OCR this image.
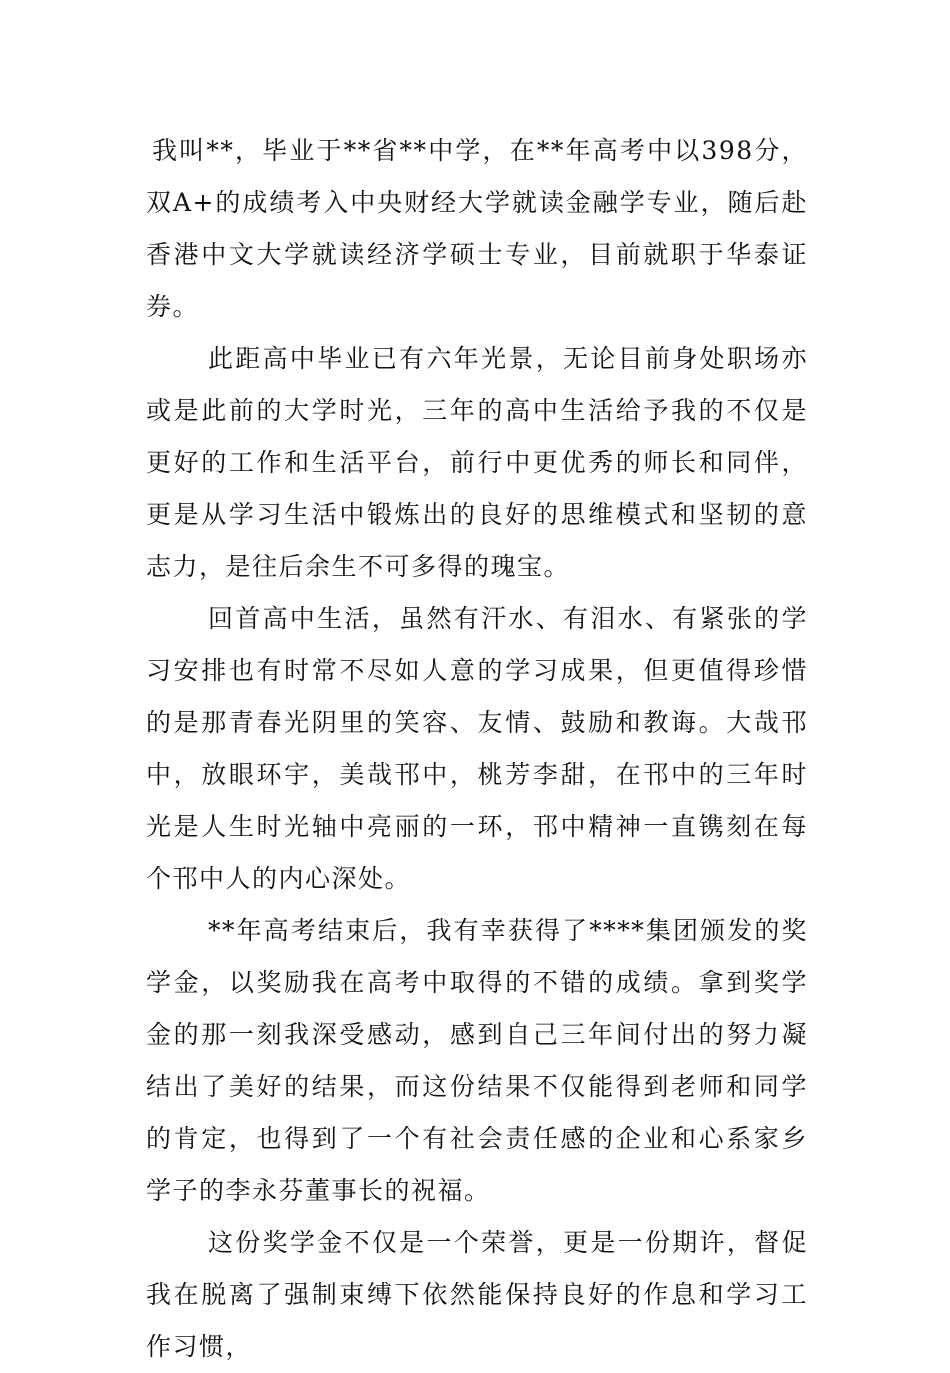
我叫**，毕业于**省**中学，在**年高考中以398分，双A+的成绩考入中央财经大学就读金融学专业，随后赴香港中文大学就读经济学硕士专业，目前就职于华泰证券。

此距高中毕业已有六年光景，无论目前身处职场亦或是此前的大学时光，三年的高中生活给予我的不仅是更好的工作和生活平台，前行中更优秀的师长和同伴，更是从学习生活中锻炼出的良好的思维模式和坚韧的意志力，是往后余生不可多得的瑰宝。

回首高中生活，虽然有汗水、有泪水、有紧张的学习安排也有时常不尽如人意的学习成果，但更值得珍惜的是那青春光阴里的笑容、友情、鼓励和教诲。大哉邗中，放眼环宇，美哉邗中，桃芳李甜，在邗中的三年时光是人生时光轴中亮丽的一环，邗中精神一直镌刻在每个邗中人的内心深处。

**年高考结束后，我有幸获得了****集团颁发的奖学金，以奖励我在高考中取得的不错的成绩。拿到奖学金的那一刻我深受感动，感到自己三年间付出的努力凝结出了美好的结果，而这份结果不仅能得到老师和同学的肯定，也得到了一个有社会责任感的企业和心系家乡学子的李永芬董事长的祝福。

这份奖学金不仅是一个荣誉，更是一份期许，督促我在脱离了强制束缚下依然能保持良好的作息和学习工作习惯，
